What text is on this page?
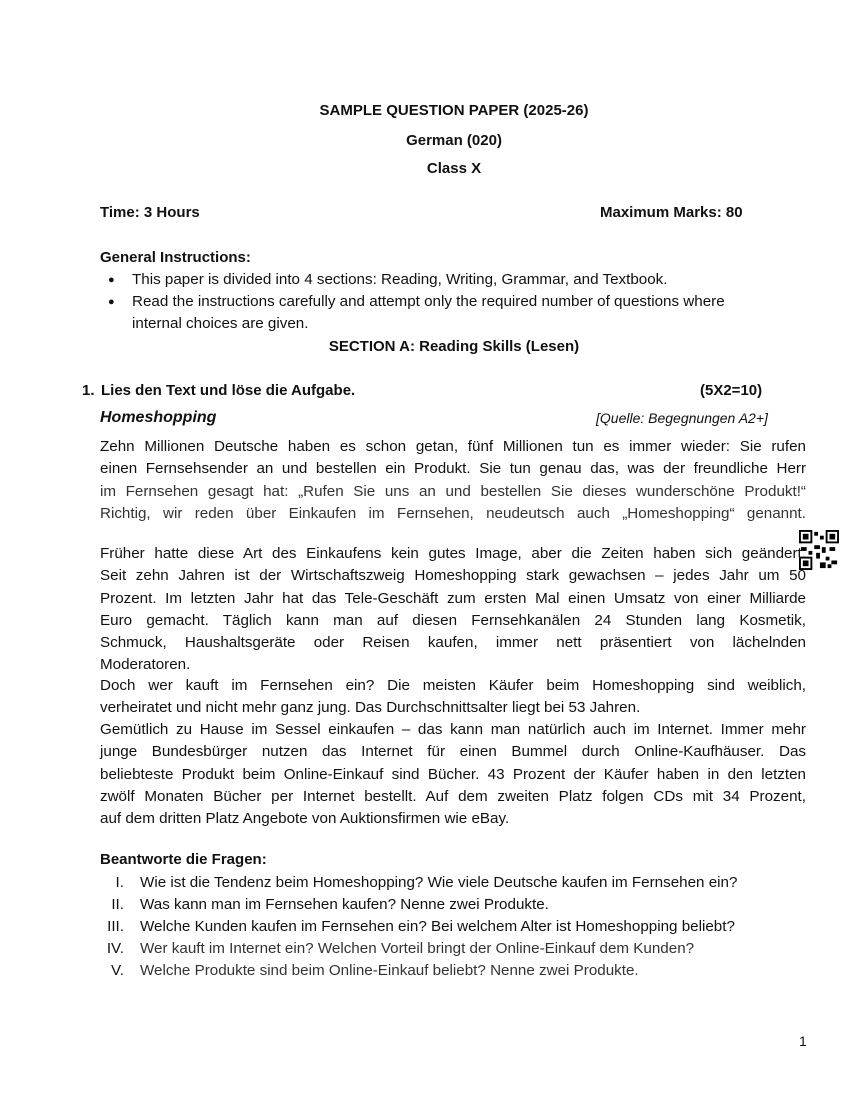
SAMPLE QUESTION PAPER (2025-26)
German (020)
Class X
Time: 3 Hours	Maximum Marks: 80
General Instructions:
● This paper is divided into 4 sections: Reading, Writing, Grammar, and Textbook.
● Read the instructions carefully and attempt only the required number of questions where
internal choices are given.
SECTION A: Reading Skills (Lesen)
1. Lies den Text und löse die Aufgabe.	(5X2=10)
Homeshopping	[Quelle: Begegnungen A2+]
Zehn Millionen Deutsche haben es schon getan, fünf Millionen tun es immer wieder: Sie rufen
einen Fernsehsender an und bestellen ein Produkt. Sie tun genau das, was der freundliche Herr
im Fernsehen gesagt hat: „Rufen Sie uns an und bestellen Sie dieses wunderschöne Produkt!“
Richtig, wir reden über Einkaufen im Fernsehen, neudeutsch auch „Homeshopping“ genannt.
Früher hatte diese Art des Einkaufens kein gutes Image, aber die Zeiten haben sich geändert.
Seit zehn Jahren ist der Wirtschaftszweig Homeshopping stark gewachsen – jedes Jahr um 50
Prozent. Im letzten Jahr hat das Tele-Geschäft zum ersten Mal einen Umsatz von einer Milliarde
Euro gemacht. Täglich kann man auf diesen Fernsehkanälen 24 Stunden lang Kosmetik,
Schmuck, Haushaltsgeräte oder Reisen kaufen, immer nett präsentiert von lächelnden
Moderatoren.
Doch wer kauft im Fernsehen ein? Die meisten Käufer beim Homeshopping sind weiblich,
verheiratet und nicht mehr ganz jung. Das Durchschnittsalter liegt bei 53 Jahren.
Gemütlich zu Hause im Sessel einkaufen – das kann man natürlich auch im Internet. Immer mehr
junge Bundesbürger nutzen das Internet für einen Bummel durch Online-Kaufhäuser. Das
beliebteste Produkt beim Online-Einkauf sind Bücher. 43 Prozent der Käufer haben in den letzten
zwölf Monaten Bücher per Internet bestellt. Auf dem zweiten Platz folgen CDs mit 34 Prozent,
auf dem dritten Platz Angebote von Auktionsfirmen wie eBay.
Beantworte die Fragen:
I. Wie ist die Tendenz beim Homeshopping? Wie viele Deutsche kaufen im Fernsehen ein?
II. Was kann man im Fernsehen kaufen? Nenne zwei Produkte.
III. Welche Kunden kaufen im Fernsehen ein? Bei welchem Alter ist Homeshopping beliebt?
IV. Wer kauft im Internet ein? Welchen Vorteil bringt der Online-Einkauf dem Kunden?
V. Welche Produkte sind beim Online-Einkauf beliebt? Nenne zwei Produkte.
1
